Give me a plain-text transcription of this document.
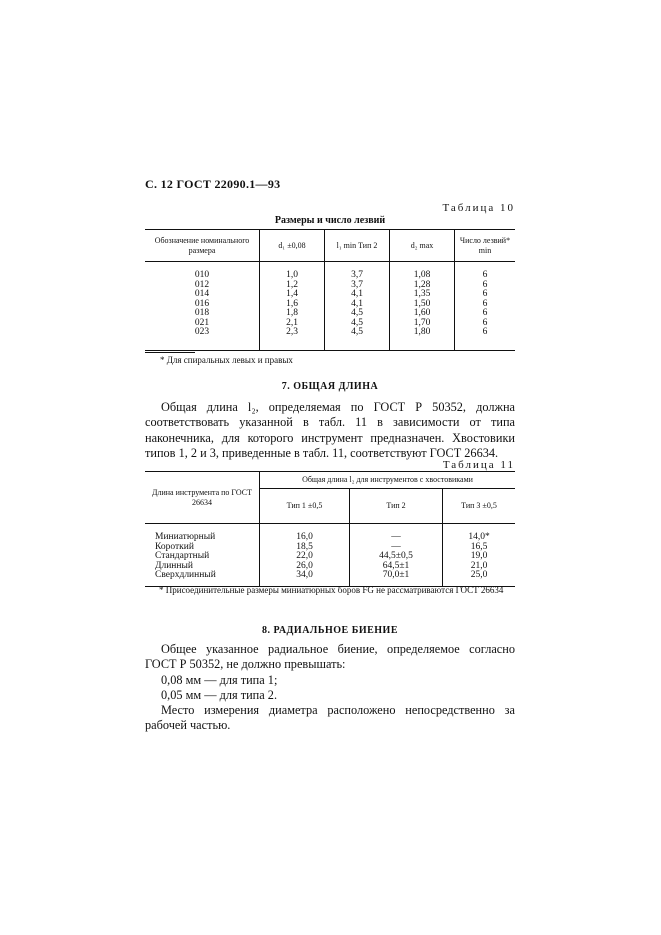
С. 12 ГОСТ 22090.1—93
Таблица 10
Размеры и число лезвий
Обозначение номинального размера	d₁ ±0,08	l₁ min Тип 2	d₂ max	Число лезвий* min

010	1,0	3,7	1,08	6
012	1,2	3,7	1,28	6
014	1,4	4,1	1,35	6
016	1,6	4,1	1,50	6
018	1,8	4,5	1,60	6
021	2,1	4,5	1,70	6
023	2,3	4,5	1,80	6
* Для спиральных левых и правых
7. ОБЩАЯ ДЛИНА

Общая длина l₂, определяемая по ГОСТ Р 50352, должна соответствовать указанной в табл. 11 в зависимости от типа наконечника, для которого инструмент предназначен. Хвостовики типов 1, 2 и 3, приведенные в табл. 11, соответствуют ГОСТ 26634.

Таблица 11
Длина инструмента по ГОСТ 26634	Общая длина l₂ для инструментов с хвостовиками		
	Тип 1 ±0,5	Тип 2	Тип 3 ±0,5

Миниатюрный	16,0	—	14,0*
Короткий	18,5	—	16,5
Стандартный	22,0	44,5±0,5	19,0
Длинный	26,0	64,5±1	21,0
Сверхдлинный	34,0	70,0±1	25,0
* Присоединительные размеры миниатюрных боров FG не рассматриваются ГОСТ 26634
8. РАДИАЛЬНОЕ БИЕНИЕ

Общее указанное радиальное биение, определяемое согласно ГОСТ Р 50352, не должно превышать:

0,08 мм — для типа 1;

0,05 мм — для типа 2.

Место измерения диаметра расположено непосредственно за рабочей частью.
